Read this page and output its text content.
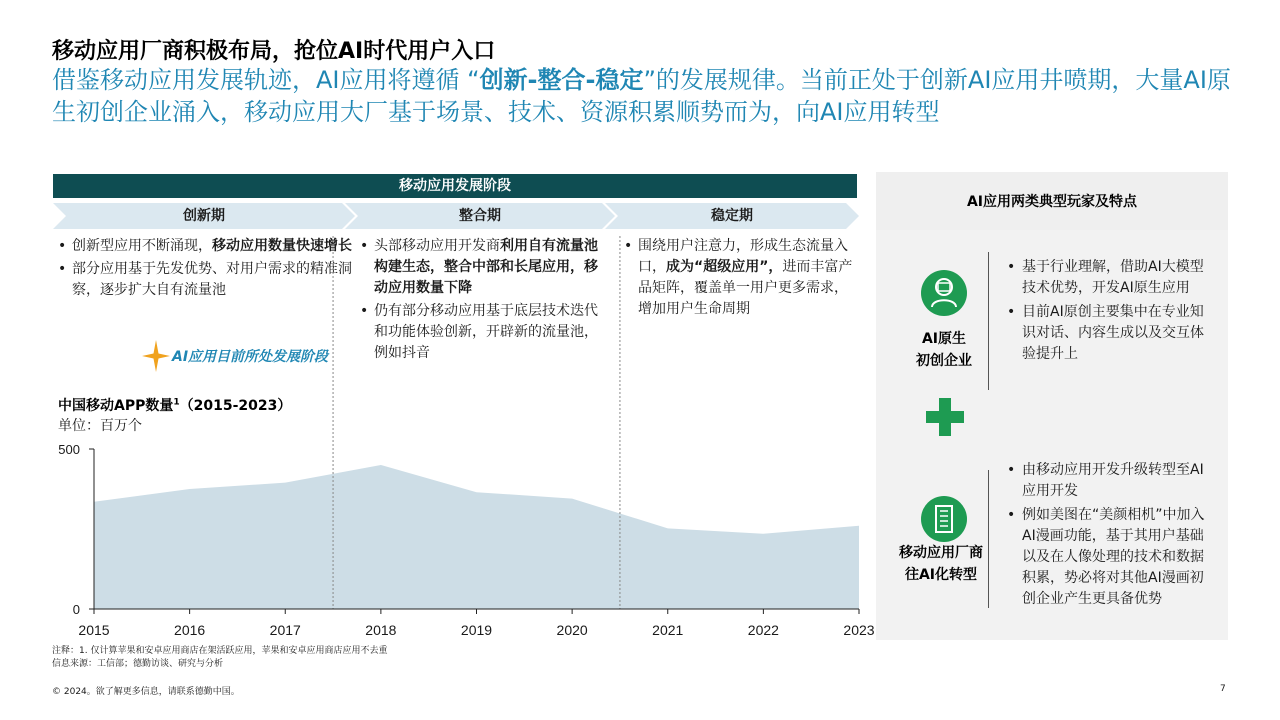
移动应用厂商积极布局，抢位AI时代用户入口
借鉴移动应用发展轨迹，AI应用将遵循 “创新-整合-稳定”的发展规律。当前正处于创新AI应用井喷期，大量AI原生初创企业涌入，移动应用大厂基于场景、技术、资源积累顺势而为，向AI应用转型
移动应用发展阶段
创新期	整合期	稳定期
• 创新型应用不断涌现，移动应用数量快速增长
• 部分应用基于先发优势、对用户需求的精准洞察，逐步扩大自有流量池
• 头部移动应用开发商利用自有流量池构建生态，整合中部和长尾应用，移动应用数量下降
• 仍有部分移动应用基于底层技术迭代和功能体验创新，开辟新的流量池，例如抖音
• 围绕用户注意力，形成生态流量入口，成为“超级应用”，进而丰富产品矩阵，覆盖单一用户更多需求，增加用户生命周期
AI应用目前所处发展阶段
中国移动APP数量$^1$（2015-2023）
单位：百万个
0
500
2015	2016	2017	2018	2019	2020	2021	2022	2023
AI应用两类典型玩家及特点
AI原生
初创企业
• 基于行业理解，借助AI大模型技术优势，开发AI原生应用
• 目前AI原创主要集中在专业知识对话、内容生成以及交互体验提升上
移动应用厂商
往AI化转型
• 由移动应用开发升级转型至AI应用开发
• 例如美图在“美颜相机”中加入AI漫画功能，基于其用户基础以及在人像处理的技术和数据积累，势必将对其他AI漫画初创企业产生更具备优势
注释：1. 仅计算苹果和安卓应用商店在架活跃应用，苹果和安卓应用商店应用不去重
信息来源：工信部；德勤访谈、研究与分析
© 2024。欲了解更多信息，请联系德勤中国。	7
